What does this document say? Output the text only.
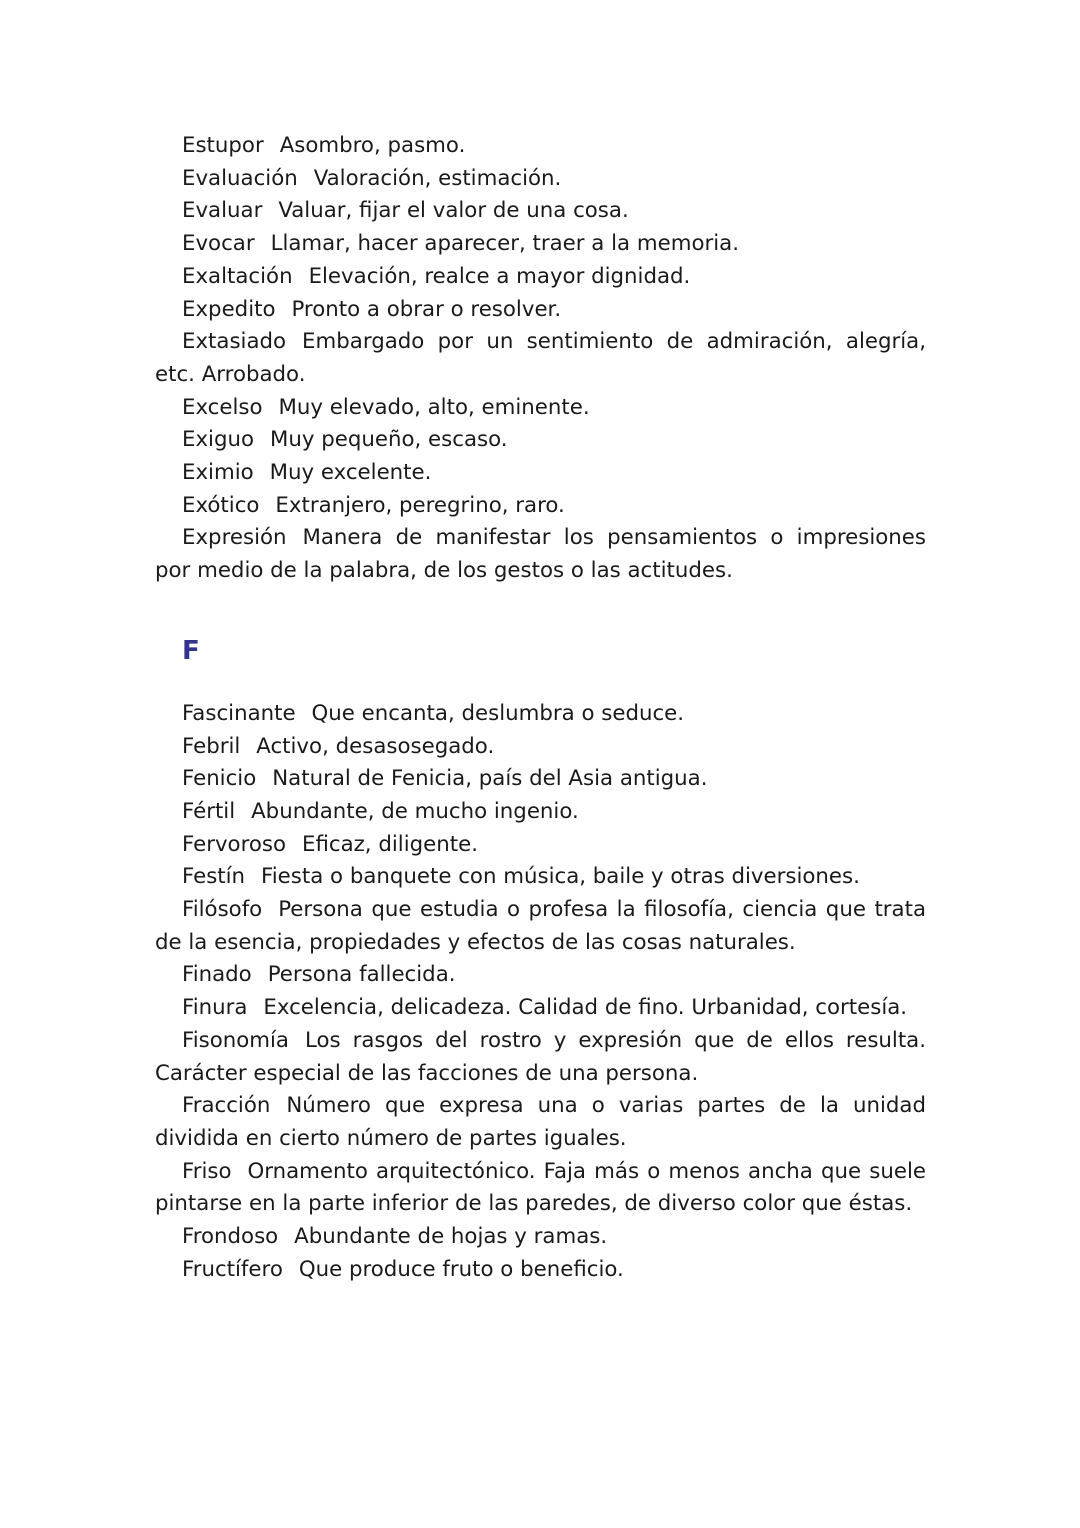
Estupor Asombro, pasmo.

Evaluación Valoración, estimación.

Evaluar Valuar, fijar el valor de una cosa.

Evocar Llamar, hacer aparecer, traer a la memoria.

Exaltación Elevación, realce a mayor dignidad.

Expedito Pronto a obrar o resolver.

Extasiado Embargado por un sentimiento de admiración, alegría, etc. Arrobado.

Excelso Muy elevado, alto, eminente.

Exiguo Muy pequeño, escaso.

Eximio Muy excelente.

Exótico Extranjero, peregrino, raro.

Expresión Manera de manifestar los pensamientos o impresiones por medio de la palabra, de los gestos o las actitudes.

F

Fascinante Que encanta, deslumbra o seduce.

Febril Activo, desasosegado.

Fenicio Natural de Fenicia, país del Asia antigua.

Fértil Abundante, de mucho ingenio.

Fervoroso Eficaz, diligente.

Festín Fiesta o banquete con música, baile y otras diversiones.

Filósofo Persona que estudia o profesa la filosofía, ciencia que trata de la esencia, propiedades y efectos de las cosas naturales.

Finado Persona fallecida.

Finura Excelencia, delicadeza. Calidad de fino. Urbanidad, cortesía.

Fisonomía Los rasgos del rostro y expresión que de ellos resulta. Carácter especial de las facciones de una persona.

Fracción Número que expresa una o varias partes de la unidad dividida en cierto número de partes iguales.

Friso Ornamento arquitectónico. Faja más o menos ancha que suele pintarse en la parte inferior de las paredes, de diverso color que éstas.

Frondoso Abundante de hojas y ramas.

Fructífero Que produce fruto o beneficio.
